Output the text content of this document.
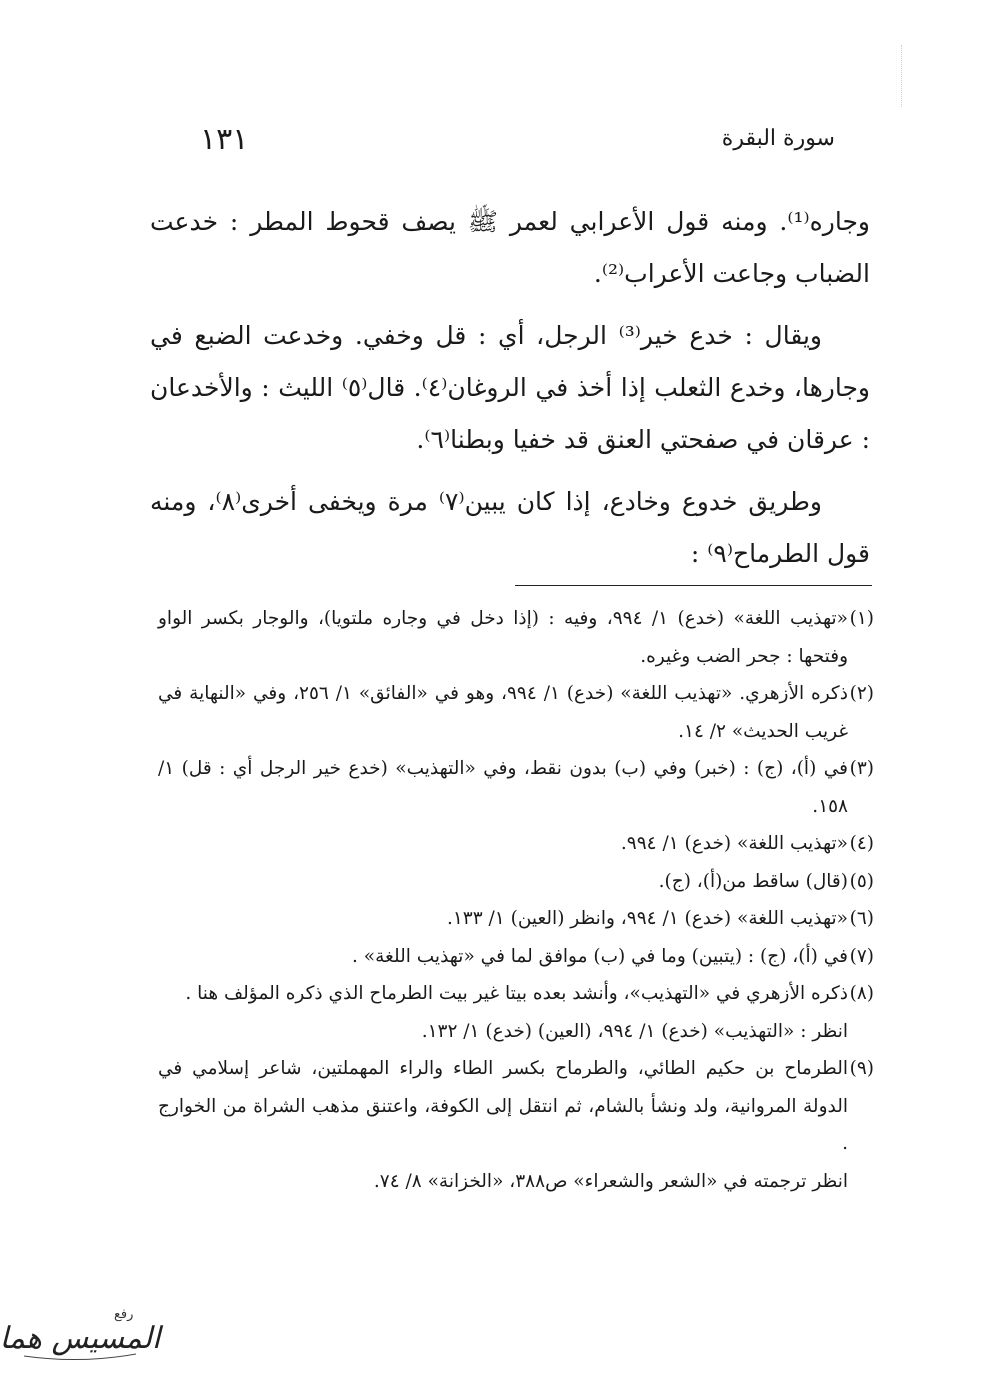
سورة البقرة
١٣١

وجاره⁽¹⁾. ومنه قول الأعرابي لعمر ﷺ يصف قحوط المطر : خدعت الضباب وجاعت الأعراب⁽²⁾.

ويقال : خدع خير⁽³⁾ الرجل، أي : قل وخفي. وخدعت الضبع في وجارها، وخدع الثعلب إذا أخذ في الروغان⁽٤⁾. قال⁽٥⁾ الليث : والأخدعان : عرقان في صفحتي العنق قد خفيا وبطنا⁽٦⁾.

وطريق خدوع وخادع، إذا كان يبين⁽٧⁾ مرة ويخفى أخرى⁽٨⁾، ومنه قول الطرماح⁽٩⁾ :

(١)
«تهذيب اللغة» (خدع) ١/ ٩٩٤، وفيه : (إذا دخل في وجاره ملتويا)، والوجار بكسر الواو وفتحها : جحر الضب وغيره.
(٢)
ذكره الأزهري. «تهذيب اللغة» (خدع) ١/ ٩٩٤، وهو في «الفائق» ١/ ٢٥٦، وفي «النهاية في غريب الحديث» ٢/ ١٤.
(٣)
في (أ)، (ج) : (خبر) وفي (ب) بدون نقط، وفي «التهذيب» (خدع خير الرجل أي : قل) ١/ ١٥٨.
(٤)
«تهذيب اللغة» (خدع) ١/ ٩٩٤.
(٥)
(قال) ساقط من(أ)، (ج).
(٦)
«تهذيب اللغة» (خدع) ١/ ٩٩٤، وانظر (العين) ١/ ١٣٣.
(٧)
في (أ)، (ج) : (يتبين) وما في (ب) موافق لما في «تهذيب اللغة» .
(٨)
ذكره الأزهري في «التهذيب»، وأنشد بعده بيتا غير بيت الطرماح الذي ذكره المؤلف هنا .
انظر : «التهذيب» (خدع) ١/ ٩٩٤، (العين) (خدع) ١/ ١٣٢.
(٩)
الطرماح بن حكيم الطائي، والطرماح بكسر الطاء والراء المهملتين، شاعر إسلامي في الدولة المروانية، ولد ونشأ بالشام، ثم انتقل إلى الكوفة، واعتنق مذهب الشراة من الخوارج .
انظر ترجمته في «الشعر والشعراء» ص٣٨٨، «الخزانة» ٨/ ٧٤.
رفع
المسيس هما
